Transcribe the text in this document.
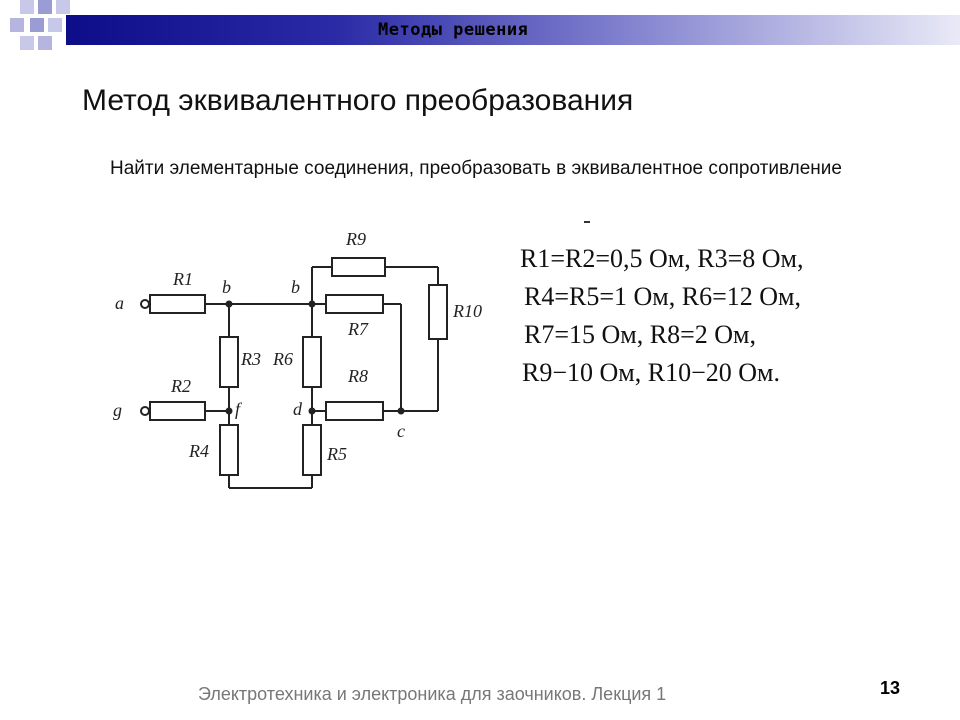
Методы решения
Метод эквивалентного преобразования
Найти элементарные соединения, преобразовать в эквивалентное сопротивление
R1
R2
R3
R4	R5
R6
R7
R8
R9
R10
a
g
b	b
f	d
c
R1=R2=0,5 Ом, R3=8 Ом,
R4=R5=1 Ом, R6=12 Ом,
R7=15 Ом, R8=2 Ом,
R9−10 Ом, R10−20 Ом.
Электротехника и электроника для заочников. Лекция 1	13
